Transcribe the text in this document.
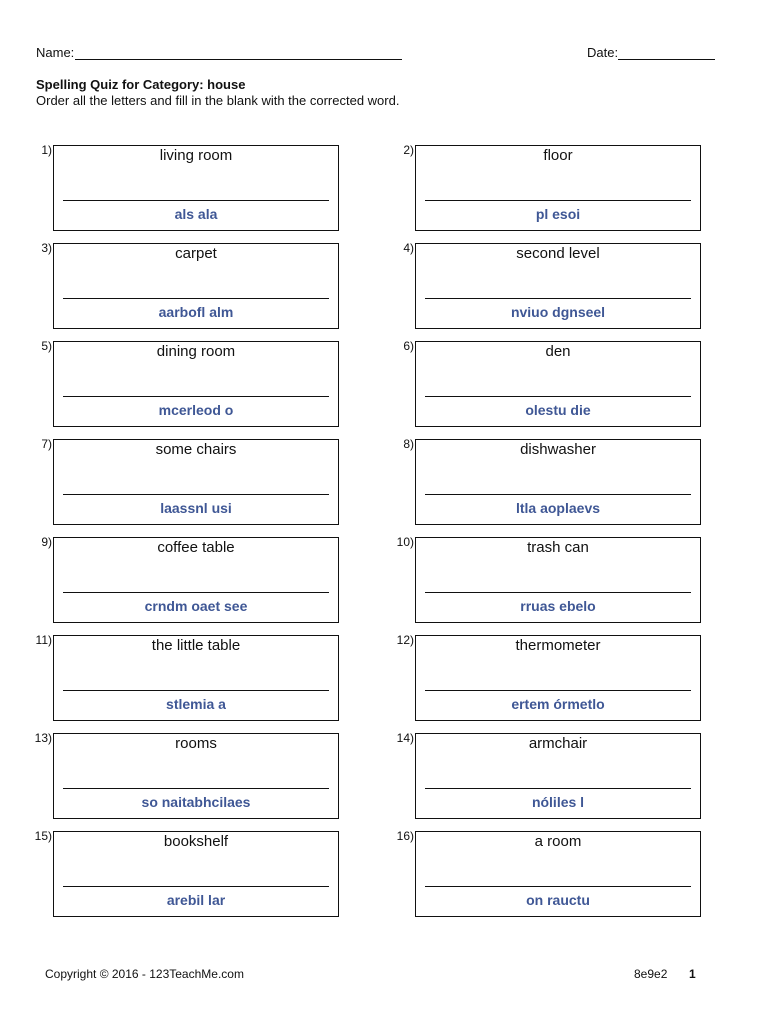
Name:	Date:
Spelling Quiz for Category: house
Order all the letters and fill in the blank with the corrected word.
1)	living room
als ala
2)	floor
pl esoi
3)	carpet
aarbofl alm
4)	second level
nviuo dgnseel
5)	dining room
mcerleod o
6)	den
olestu die
7)	some chairs
laassnl usi
8)	dishwasher
ltla aoplaevs
9)	coffee table
crndm oaet see
10)	trash can
rruas ebelo
11)	the little table
stlemia a
12)	thermometer
ertem órmetlo
13)	rooms
so naitabhcilaes
14)	armchair
nóliles l
15)	bookshelf
arebil lar
16)	a room
on rauctu
Copyright © 2016 - 123TeachMe.com	8e9e2 1
